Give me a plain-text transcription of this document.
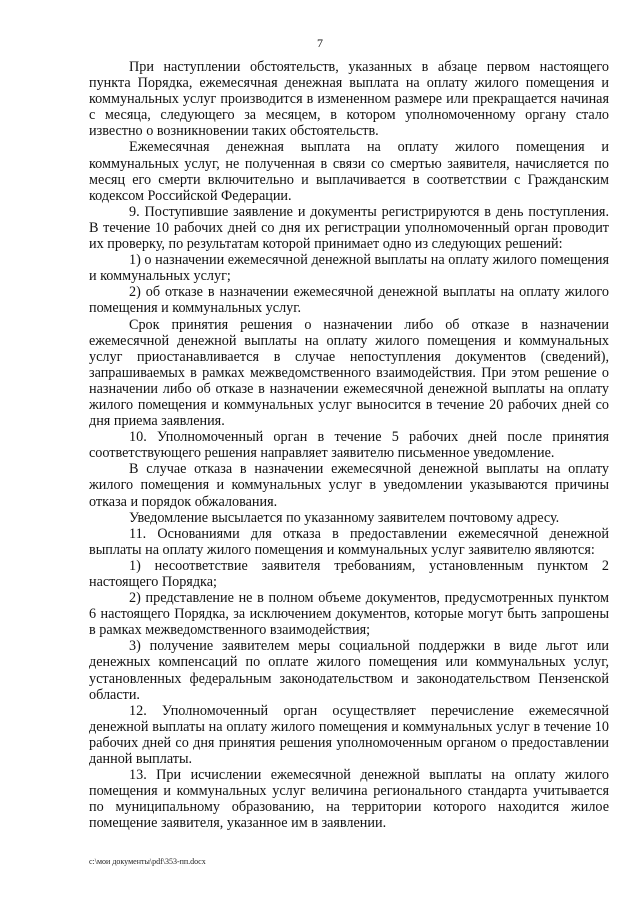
7

При наступлении обстоятельств, указанных в абзаце первом настоящего пункта Порядка, ежемесячная денежная выплата на оплату жилого помещения и коммунальных услуг производится в измененном размере или прекращается начиная с месяца, следующего за месяцем, в котором уполномоченному органу стало известно о возникновении таких обстоятельств.

Ежемесячная денежная выплата на оплату жилого помещения и коммунальных услуг, не полученная в связи со смертью заявителя, начисляется по месяц его смерти включительно и выплачивается в соответствии с Гражданским кодексом Российской Федерации.

9. Поступившие заявление и документы регистрируются в день поступления. В течение 10 рабочих дней со дня их регистрации уполномоченный орган проводит их проверку, по результатам которой принимает одно из следующих решений:

1) о назначении ежемесячной денежной выплаты на оплату жилого помещения и коммунальных услуг;

2) об отказе в назначении ежемесячной денежной выплаты на оплату жилого помещения и коммунальных услуг.

Срок принятия решения о назначении либо об отказе в назначении ежемесячной денежной выплаты на оплату жилого помещения и коммунальных услуг приостанавливается в случае непоступления документов (сведений), запрашиваемых в рамках межведомственного взаимодействия. При этом решение о назначении либо об отказе в назначении ежемесячной денежной выплаты на оплату жилого помещения и коммунальных услуг выносится в течение 20 рабочих дней со дня приема заявления.

10. Уполномоченный орган в течение 5 рабочих дней после принятия соответствующего решения направляет заявителю письменное уведомление.

В случае отказа в назначении ежемесячной денежной выплаты на оплату жилого помещения и коммунальных услуг в уведомлении указываются причины отказа и порядок обжалования.

Уведомление высылается по указанному заявителем почтовому адресу.

11. Основаниями для отказа в предоставлении ежемесячной денежной выплаты на оплату жилого помещения и коммунальных услуг заявителю являются:

1) несоответствие заявителя требованиям, установленным пунктом 2 настоящего Порядка;

2) представление не в полном объеме документов, предусмотренных пунктом 6 настоящего Порядка, за исключением документов, которые могут быть запрошены в рамках межведомственного взаимодействия;

3) получение заявителем меры социальной поддержки в виде льгот или денежных компенсаций по оплате жилого помещения или коммунальных услуг, установленных федеральным законодательством и законодательством Пензенской области.

12. Уполномоченный орган осуществляет перечисление ежемесячной денежной выплаты на оплату жилого помещения и коммунальных услуг в течение 10 рабочих дней со дня принятия решения уполномоченным органом о предоставлении данной выплаты.

13. При исчислении ежемесячной денежной выплаты на оплату жилого помещения и коммунальных услуг величина регионального стандарта учитывается по муниципальному образованию, на территории которого находится жилое помещение заявителя, указанное им в заявлении.

c:\мои документы\pdf\353-пп.docx
